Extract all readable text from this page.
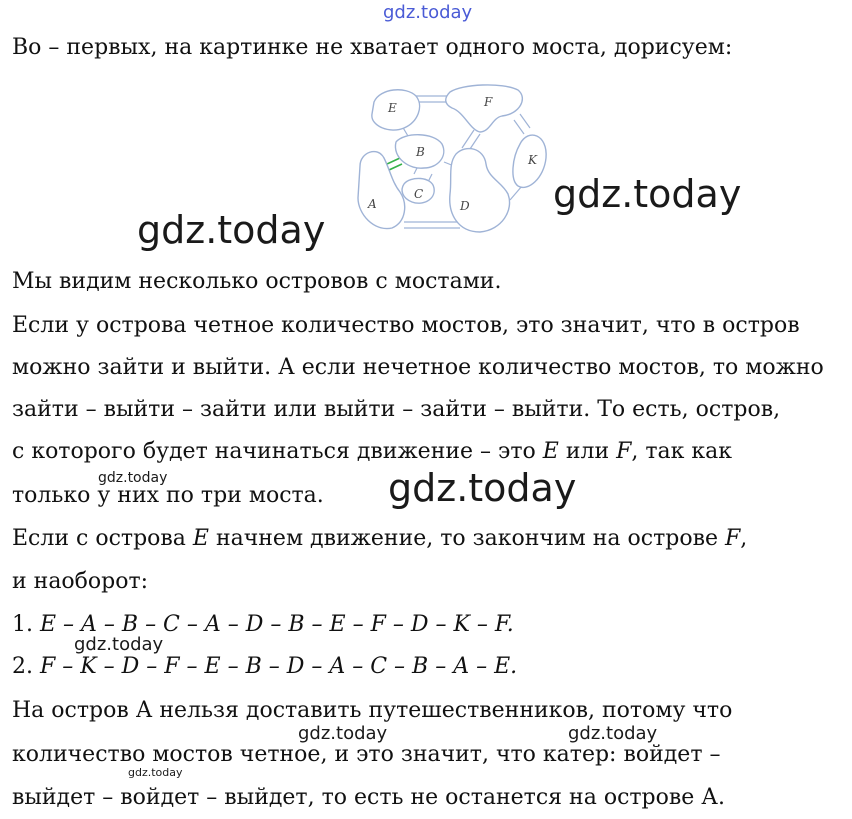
gdz.today
gdz.today
gdz.today
gdz.today
gdz.today
gdz.today
gdz.today	gdz.today
gdz.today
Во – первых, на картинке не хватает одного моста, дорисуем:
E	F
B
K
A
C
D
Мы видим несколько островов с мостами.
Если у острова четное количество мостов, это значит, что в остров
можно зайти и выйти. А если нечетное количество мостов, то можно
зайти – выйти – зайти или выйти – зайти – выйти. То есть, остров,
с которого будет начинаться движение – это E или F, так как
только у них по три моста.
Если с острова E начнем движение, то закончим на острове F,
и наоборот:
1. E – A – B – C – A – D – B – E – F – D – K – F.
2. F – K – D – F – E – B – D – A – C – B – A – E.
На остров А нельзя доставить путешественников, потому что
количество мостов четное, и это значит, что катер: войдет –
выйдет – войдет – выйдет, то есть не останется на острове А.
